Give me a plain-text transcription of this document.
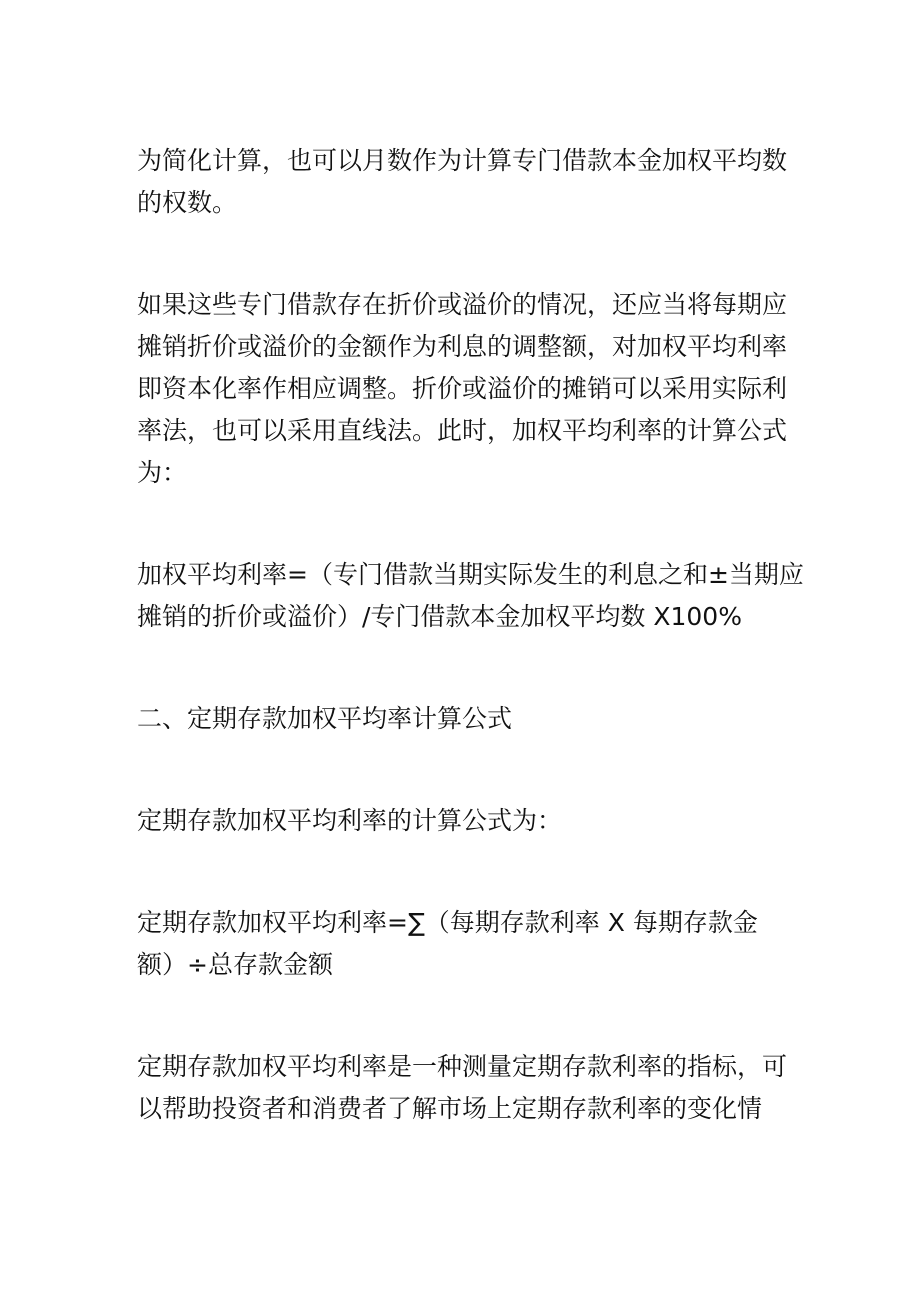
为简化计算，也可以月数作为计算专门借款本金加权平均数
的权数。

如果这些专门借款存在折价或溢价的情况，还应当将每期应
摊销折价或溢价的金额作为利息的调整额，对加权平均利率
即资本化率作相应调整。折价或溢价的摊销可以采用实际利
率法，也可以采用直线法。此时，加权平均利率的计算公式
为：

加权平均利率=（专门借款当期实际发生的利息之和±当期应
摊销的折价或溢价）/专门借款本金加权平均数 X100%

二、定期存款加权平均率计算公式

定期存款加权平均利率的计算公式为：

定期存款加权平均利率=∑（每期存款利率 X 每期存款金
额）÷总存款金额

定期存款加权平均利率是一种测量定期存款利率的指标，可
以帮助投资者和消费者了解市场上定期存款利率的变化情
